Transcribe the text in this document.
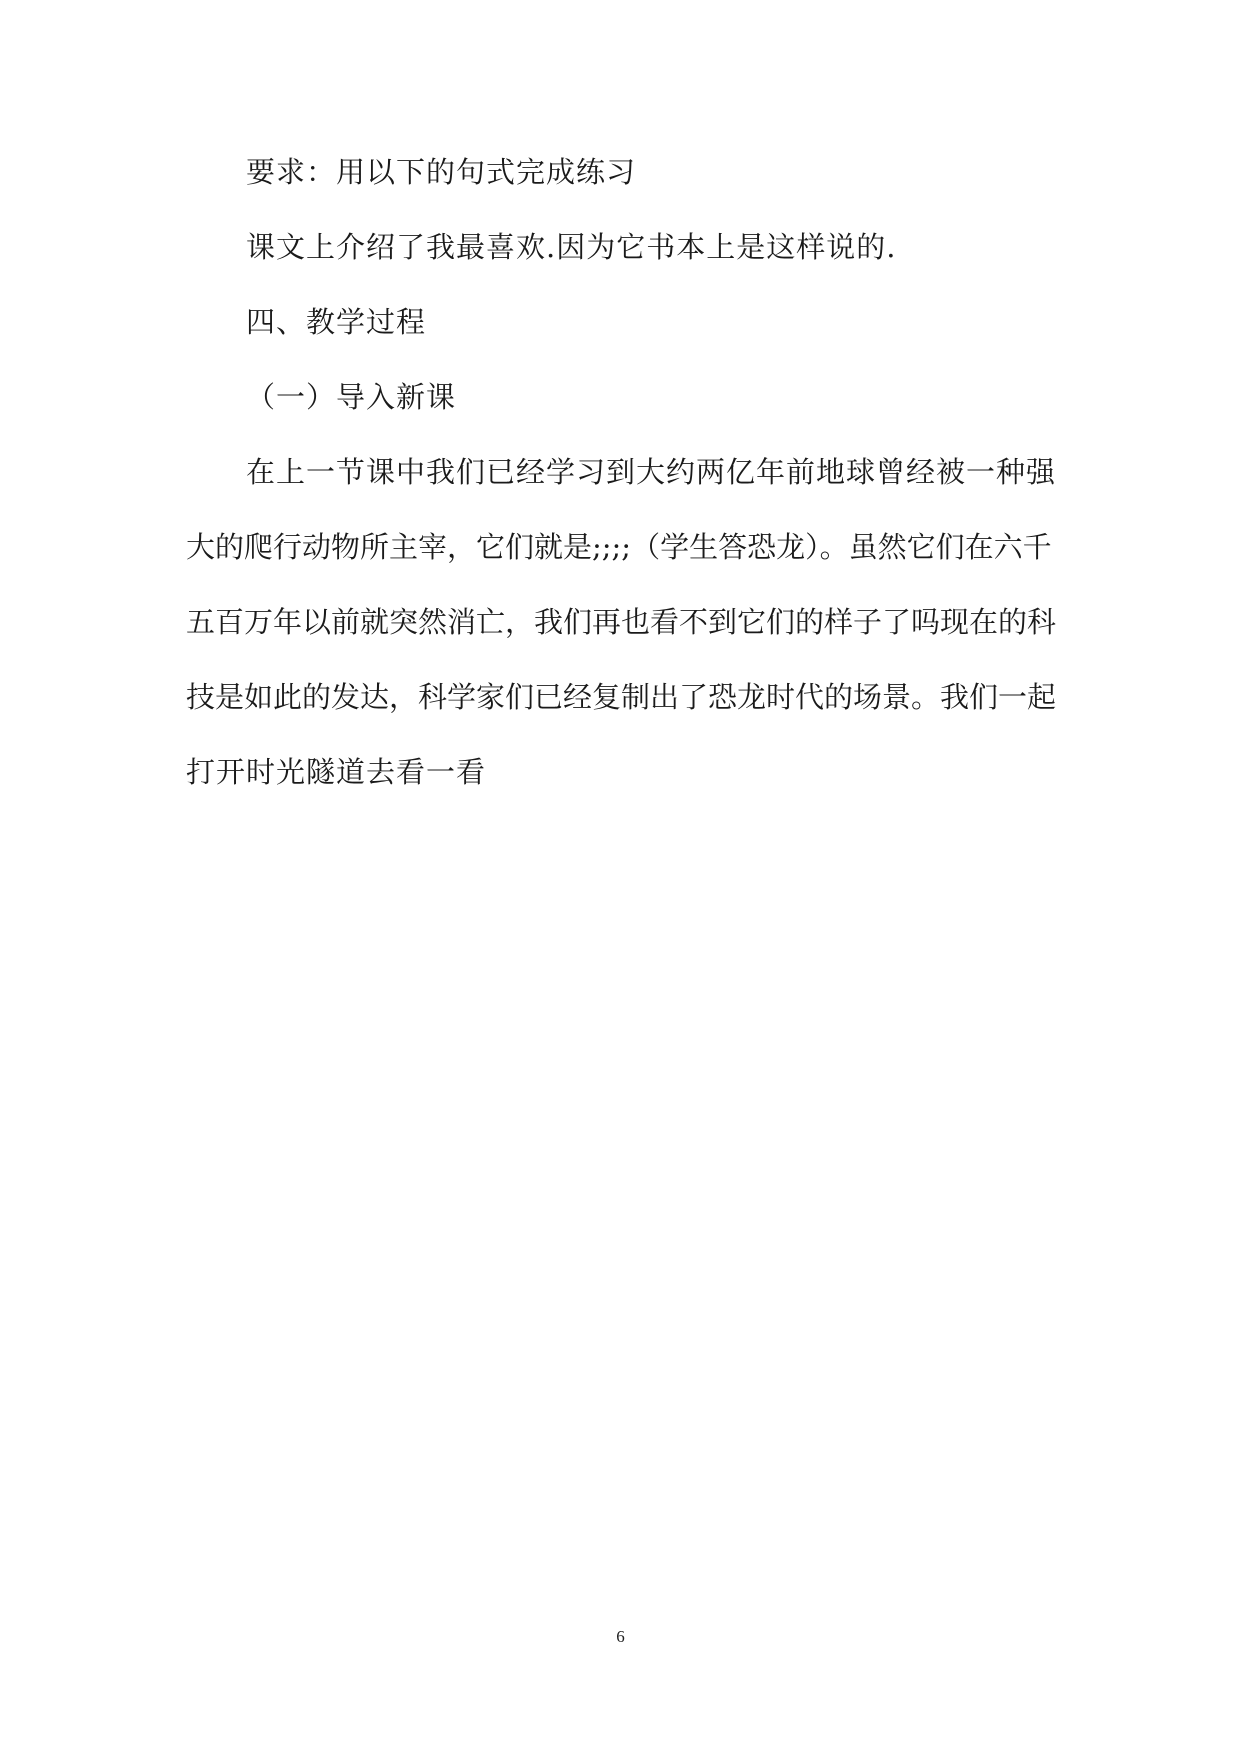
要求：用以下的句式完成练习
课文上介绍了我最喜欢.因为它书本上是这样说的.
四、教学过程
（一）导入新课
在上一节课中我们已经学习到大约两亿年前地球曾经被一种强
大的爬行动物所主宰，它们就是;;;;（学生答恐龙）。虽然它们在六千
五百万年以前就突然消亡，我们再也看不到它们的样子了吗现在的科
技是如此的发达，科学家们已经复制出了恐龙时代的场景。我们一起
打开时光隧道去看一看
6
